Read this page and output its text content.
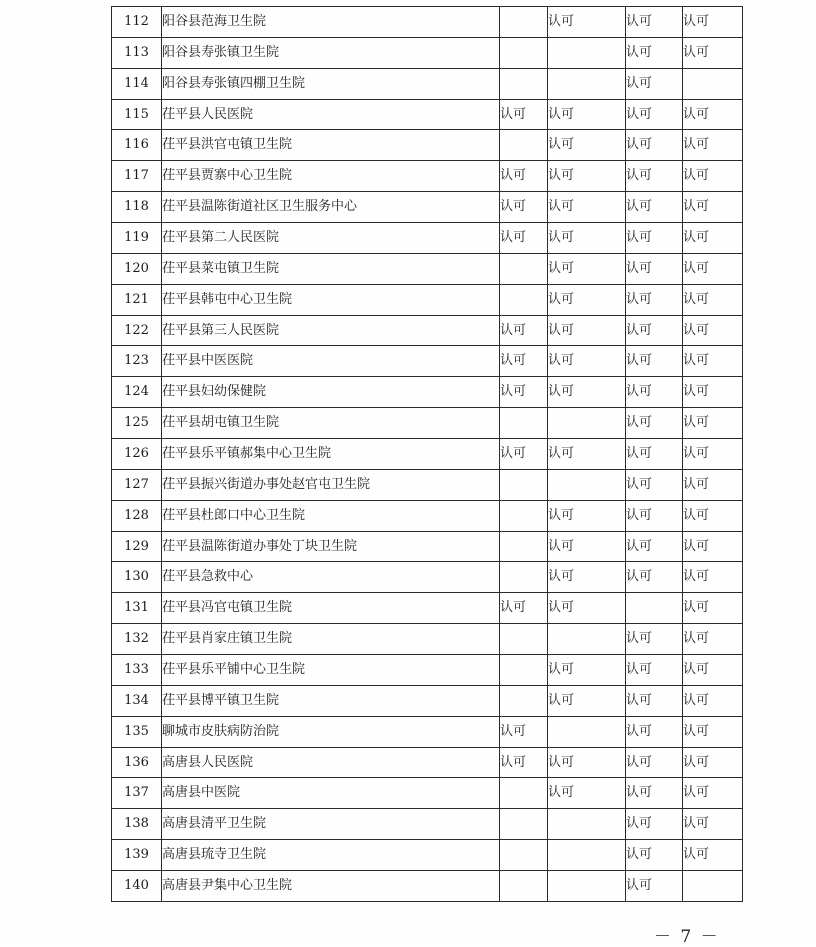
112	阳谷县范海卫生院		认可	认可	认可
113	阳谷县寿张镇卫生院			认可	认可
114	阳谷县寿张镇四棚卫生院			认可	
115	茌平县人民医院	认可	认可	认可	认可
116	茌平县洪官屯镇卫生院		认可	认可	认可
117	茌平县贾寨中心卫生院	认可	认可	认可	认可
118	茌平县温陈街道社区卫生服务中心	认可	认可	认可	认可
119	茌平县第二人民医院	认可	认可	认可	认可
120	茌平县菜屯镇卫生院		认可	认可	认可
121	茌平县韩屯中心卫生院		认可	认可	认可
122	茌平县第三人民医院	认可	认可	认可	认可
123	茌平县中医医院	认可	认可	认可	认可
124	茌平县妇幼保健院	认可	认可	认可	认可
125	茌平县胡屯镇卫生院			认可	认可
126	茌平县乐平镇郝集中心卫生院	认可	认可	认可	认可
127	茌平县振兴街道办事处赵官屯卫生院			认可	认可
128	茌平县杜郎口中心卫生院		认可	认可	认可
129	茌平县温陈街道办事处丁块卫生院		认可	认可	认可
130	茌平县急救中心		认可	认可	认可
131	茌平县冯官屯镇卫生院	认可	认可		认可
132	茌平县肖家庄镇卫生院			认可	认可
133	茌平县乐平铺中心卫生院		认可	认可	认可
134	茌平县博平镇卫生院		认可	认可	认可
135	聊城市皮肤病防治院	认可		认可	认可
136	高唐县人民医院	认可	认可	认可	认可
137	高唐县中医院		认可	认可	认可
138	高唐县清平卫生院			认可	认可
139	高唐县琉寺卫生院			认可	认可
140	高唐县尹集中心卫生院			认可	
－ 7 －
